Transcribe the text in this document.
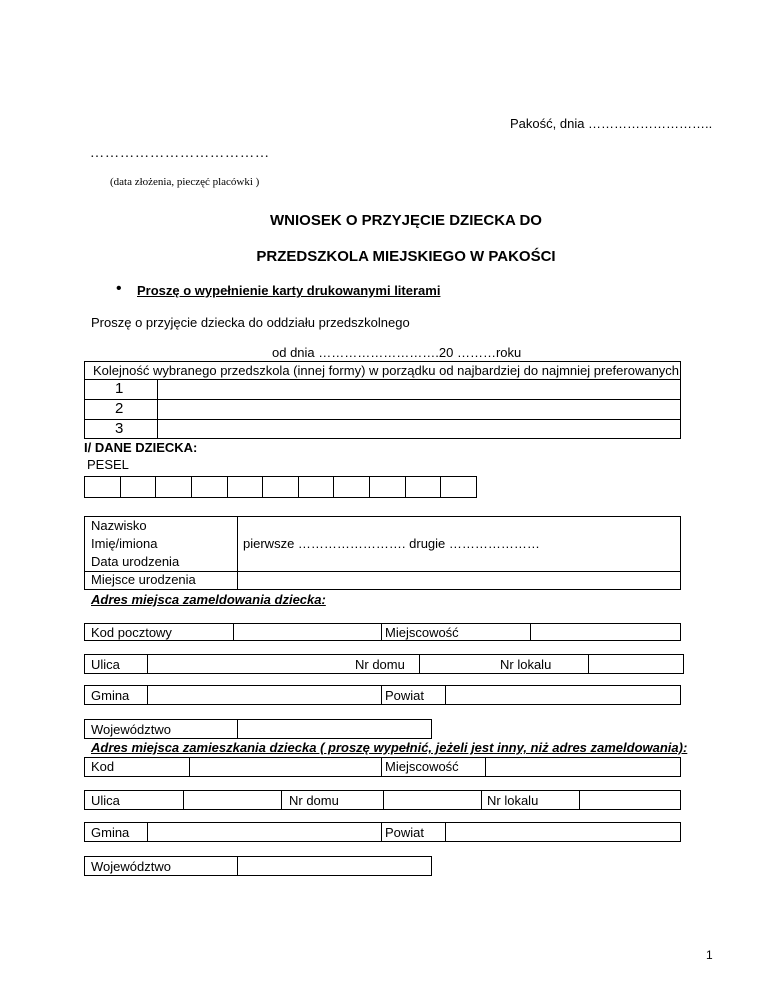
Pakość, dnia ………………………..
………………………………
(data złożenia, pieczęć placówki )
WNIOSEK O PRZYJĘCIE DZIECKA DO
PRZEDSZKOLA MIEJSKIEGO W PAKOŚCI
• Proszę o wypełnienie karty drukowanymi literami
Proszę o przyjęcie dziecka do oddziału przedszkolnego
od dnia ……………………….20 ………roku
Kolejność wybranego przedszkola (innej formy) w porządku od najbardziej do najmniej preferowanych
1
2
3
I/ DANE DZIECKA:
PESEL
Nazwisko
Imię/imiona	pierwsze ……………………. drugie …………………
Data urodzenia
Miejsce urodzenia
Adres miejsca zameldowania dziecka:
Kod pocztowy	Miejscowość
Ulica	Nr domu	Nr lokalu
Gmina	Powiat
Województwo
Adres miejsca zamieszkania dziecka ( proszę wypełnić, jeżeli jest inny, niż adres zameldowania):
Kod	Miejscowość
Ulica	Nr domu	Nr lokalu
Gmina	Powiat
Województwo
1
